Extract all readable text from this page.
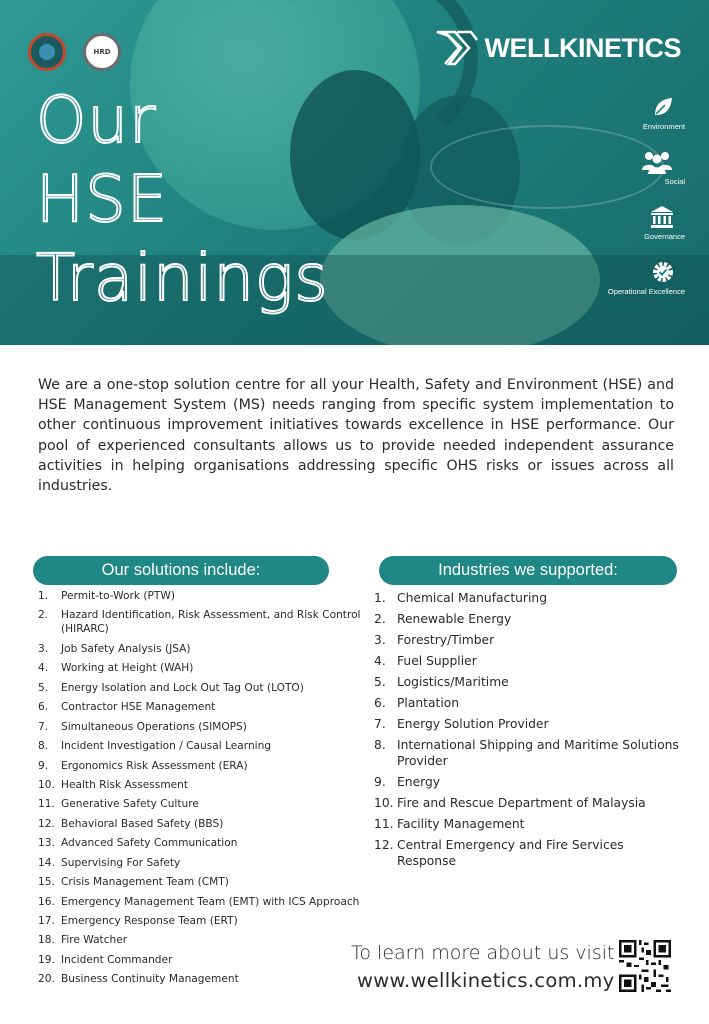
HRD	WELLKINETICS
Our
HSE
Trainings
Environment
Social
Governance
Operational Excellence

We are a one-stop solution centre for all your Health, Safety and Environment (HSE) and HSE Management System (MS) needs ranging from specific system implementation to other continuous improvement initiatives towards excellence in HSE performance. Our pool of experienced consultants allows us to provide needed independent assurance activities in helping organisations addressing specific OHS risks or issues across all industries.

Our solutions include:
1. Permit-to-Work (PTW)
2. Hazard Identification, Risk Assessment, and Risk Control (HIRARC)
3. Job Safety Analysis (JSA)
4. Working at Height (WAH)
5. Energy Isolation and Lock Out Tag Out (LOTO)
6. Contractor HSE Management
7. Simultaneous Operations (SIMOPS)
8. Incident Investigation / Causal Learning
9. Ergonomics Risk Assessment (ERA)
10. Health Risk Assessment
11. Generative Safety Culture
12. Behavioral Based Safety (BBS)
13. Advanced Safety Communication
14. Supervising For Safety
15. Crisis Management Team (CMT)
16. Emergency Management Team (EMT) with ICS Approach
17. Emergency Response Team (ERT)
18. Fire Watcher
19. Incident Commander
20. Business Continuity Management
Industries we supported:
1. Chemical Manufacturing
2. Renewable Energy
3. Forestry/Timber
4. Fuel Supplier
5. Logistics/Maritime
6. Plantation
7. Energy Solution Provider
8. International Shipping and Maritime Solutions Provider
9. Energy
10. Fire and Rescue Department of Malaysia
11. Facility Management
12. Central Emergency and Fire Services Response
To learn more about us visit
www.wellkinetics.com.my
